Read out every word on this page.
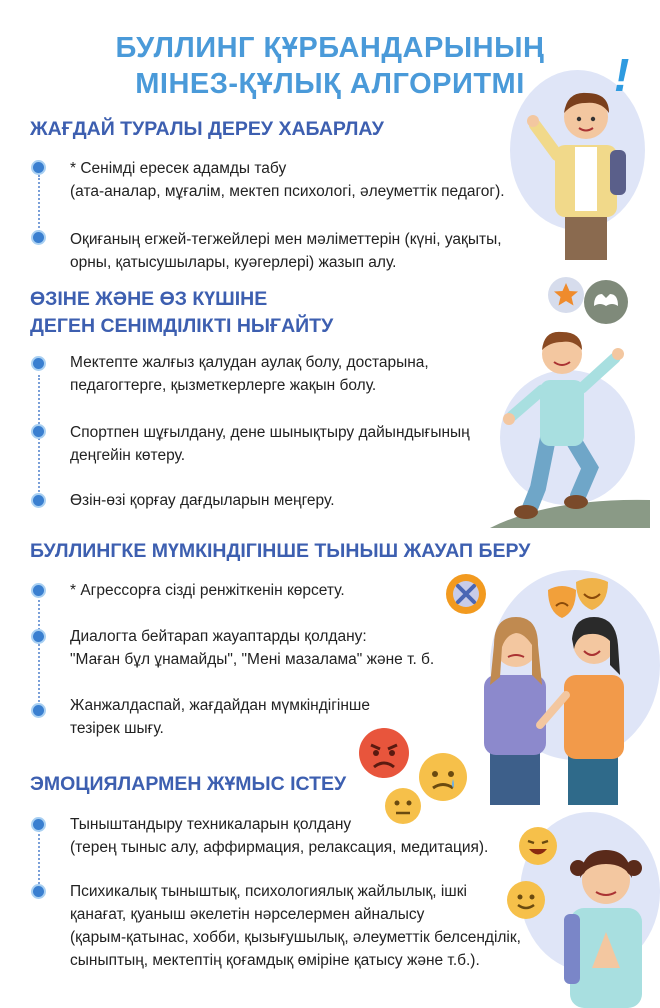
БУЛЛИНГ ҚҰРБАНДАРЫНЫҢ
МІНЕЗ-ҚҰЛЫҚ АЛГОРИТМІ	!
ЖАҒДАЙ ТУРАЛЫ ДЕРЕУ ХАБАРЛАУ
* Сенімді ересек адамды табу
(ата-аналар, мұғалім, мектеп психологі, әлеуметтік педагог).
Оқиғаның егжей-тегжейлері мен мәліметтерін (күні, уақыты,
орны, қатысушылары, куәгерлері) жазып алу.
ӨЗІНЕ ЖӘНЕ ӨЗ КҮШІНЕ
ДЕГЕН СЕНІМДІЛІКТІ НЫҒАЙТУ
Мектепте жалғыз қалудан аулақ болу, достарына,
педагогтерге, қызметкерлерге жақын болу.
Спортпен шұғылдану, дене шынықтыру дайындығының
деңгейін көтеру.
Өзін-өзі қорғау дағдыларын меңгеру.
БУЛЛИНГКЕ МҮМКІНДІГІНШЕ ТЫНЫШ ЖАУАП БЕРУ
* Агрессорға сізді ренжіткенін көрсету.
Диалогта бейтарап жауаптарды қолдану:
"Маған бұл ұнамайды", "Мені мазалама" және т. б.
Жанжалдаспай, жағдайдан мүмкіндігінше
тезірек шығу.
ЭМОЦИЯЛАРМЕН ЖҰМЫС ІСТЕУ
Тыныштандыру техникаларын қолдану
(терең тыныс алу, аффирмация, релаксация, медитация).
Психикалық тыныштық, психологиялық жайлылық, ішкі
қанағат, қуаныш әкелетін нәрселермен айналысу
(қарым-қатынас, хобби, қызығушылық, әлеуметтік белсенділік,
сыныптың, мектептің қоғамдық өміріне қатысу және т.б.).
